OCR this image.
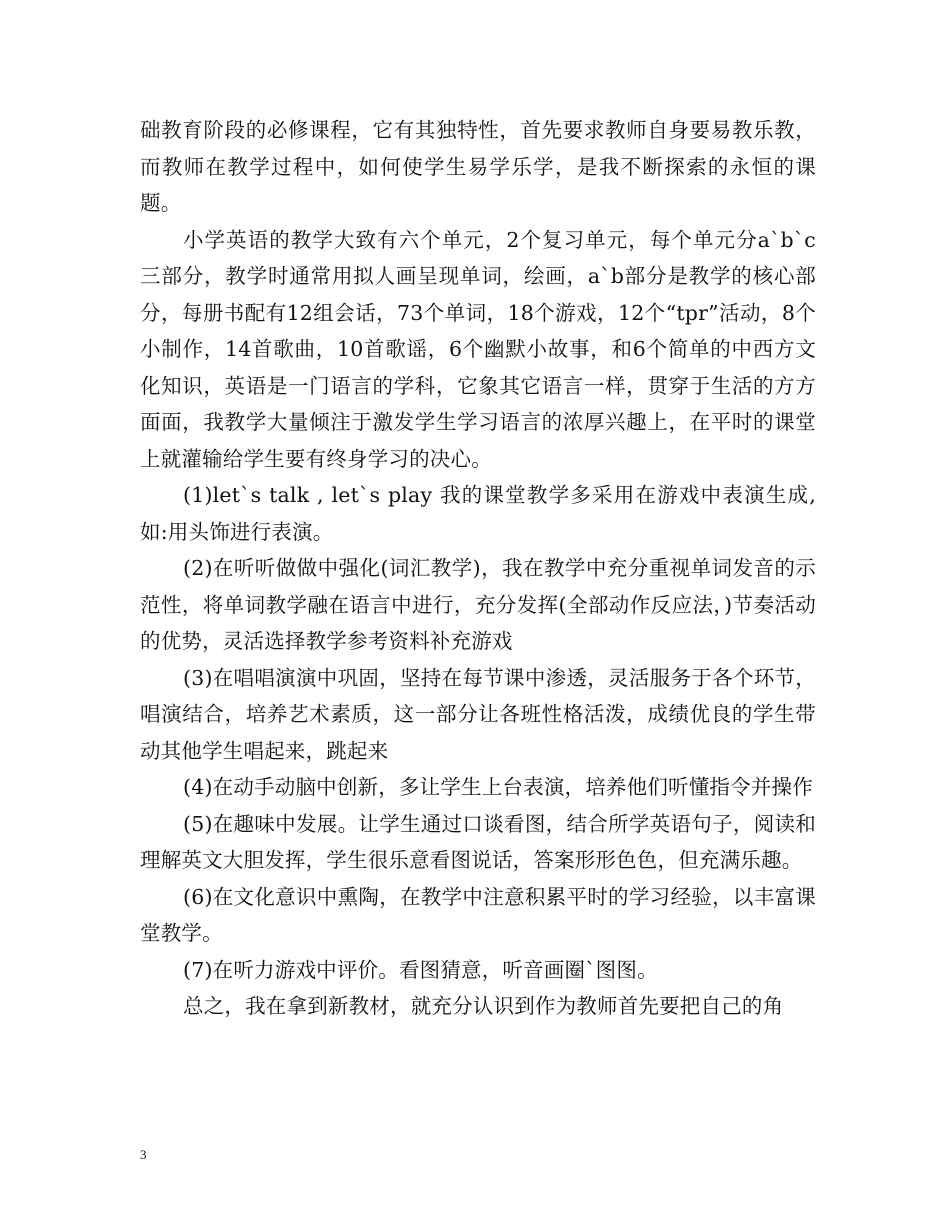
础教育阶段的必修课程，它有其独特性，首先要求教师自身要易教乐教，而教师在教学过程中，如何使学生易学乐学，是我不断探索的永恒的课题。

小学英语的教学大致有六个单元，2个复习单元，每个单元分a`b`c 三部分，教学时通常用拟人画呈现单词，绘画，a`b部分是教学的核心部分，每册书配有12组会话，73个单词，18个游戏，12个“tpr”活动，8个小制作，14首歌曲，10首歌谣，6个幽默小故事，和6个简单的中西方文化知识，英语是一门语言的学科，它象其它语言一样，贯穿于生活的方方面面，我教学大量倾注于激发学生学习语言的浓厚兴趣上，在平时的课堂上就灌输给学生要有终身学习的决心。

(1)let`s talk , let`s play 我的课堂教学多采用在游戏中表演生成,如:用头饰进行表演。

(2)在听听做做中强化(词汇教学)，我在教学中充分重视单词发音的示范性，将单词教学融在语言中进行，充分发挥(全部动作反应法，)节奏活动的优势，灵活选择教学参考资料补充游戏

(3)在唱唱演演中巩固，坚持在每节课中渗透，灵活服务于各个环节，唱演结合，培养艺术素质，这一部分让各班性格活泼，成绩优良的学生带动其他学生唱起来，跳起来

(4)在动手动脑中创新，多让学生上台表演，培养他们听懂指令并操作

(5)在趣味中发展。让学生通过口谈看图，结合所学英语句子，阅读和理解英文大胆发挥，学生很乐意看图说话，答案形形色色，但充满乐趣。

(6)在文化意识中熏陶，在教学中注意积累平时的学习经验，以丰富课堂教学。

(7)在听力游戏中评价。看图猜意，听音画圈`图图。

总之，我在拿到新教材，就充分认识到作为教师首先要把自己的角

3
